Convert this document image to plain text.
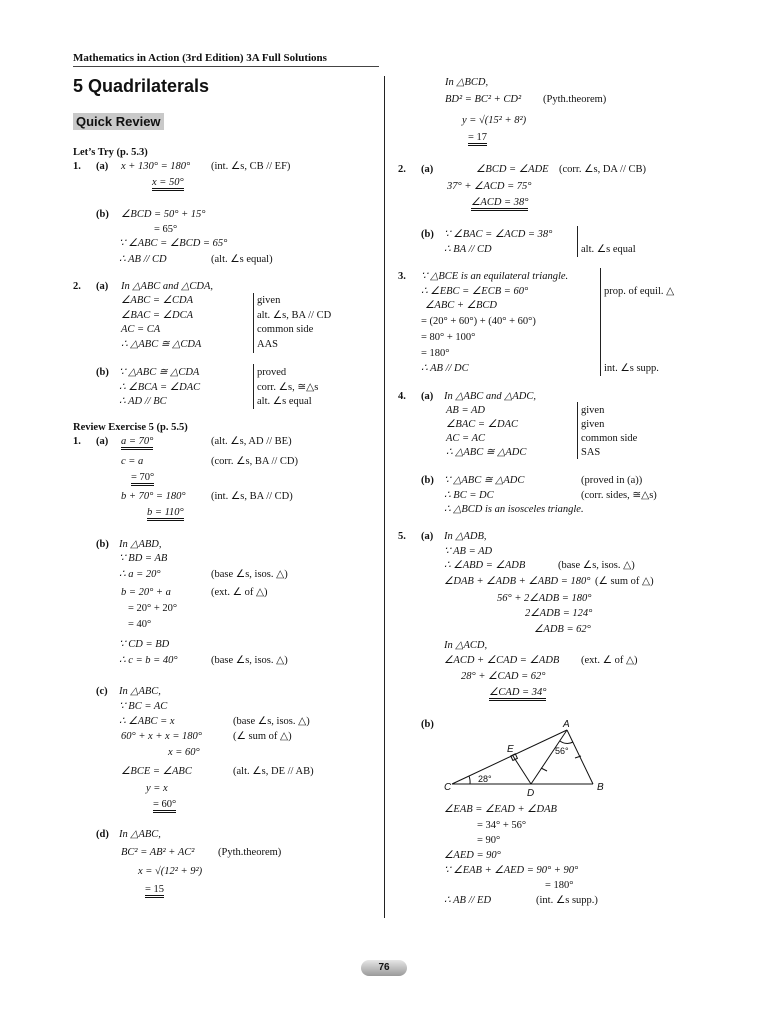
Mathematics in Action (3rd Edition) 3A Full Solutions
5 Quadrilaterals
Quick Review
Let’s Try (p. 5.3)
1. (a) x + 130° = 180° (int. ∠s, CB // EF)
x = 50°
(b) ∠BCD = 50° + 15°
= 65°
∵ ∠ABC = ∠BCD = 65°
∴ AB // CD	(alt. ∠s equal)
2. (a) In △ABC and △CDA,
∠ABC = ∠CDA	given
∠BAC = ∠DCA	alt. ∠s, BA // CD
AC = CA	common side
∴ △ABC ≅ △CDA	AAS
(b) ∵ △ABC ≅ △CDA	proved
∴ ∠BCA = ∠DAC	corr. ∠s, ≅△s
∴ AD // BC	alt. ∠s equal
Review Exercise 5 (p. 5.5)
1. (a) a = 70°	(alt. ∠s, AD // BE)
c = a	(corr. ∠s, BA // CD)
= 70°
b + 70° = 180° (int. ∠s, BA // CD)
b = 110°
(b) In △ABD,
∵ BD = AB
∴ a = 20°	(base ∠s, isos. △)
b = 20° + a	(ext. ∠ of △)
= 20° + 20°
= 40°
∵ CD = BD
∴ c = b = 40°	(base ∠s, isos. △)
(c) In △ABC,
∵ BC = AC
∴ ∠ABC = x	(base ∠s, isos. △)
60° + x + x = 180°	(∠ sum of △)
x = 60°
∠BCE = ∠ABC	(alt. ∠s, DE // AB)
y = x
= 60°
(d) In △ABC,
BC² = AB² + AC² (Pyth.theorem)
x = √(12² + 9²)
= 15
In △BCD,
BD² = BC² + CD² (Pyth.theorem)
y = √(15² + 8²)
= 17
2. (a)	∠BCD = ∠ADE (corr. ∠s, DA // CB)
37° + ∠ACD = 75°
∠ACD = 38°
(b) ∵ ∠BAC = ∠ACD = 38°
∴ BA // CD	alt. ∠s equal
3. ∵ △BCE is an equilateral triangle.
∴ ∠EBC = ∠ECB = 60°	prop. of equil. △
∠ABC + ∠BCD
= (20° + 60°) + (40° + 60°)
= 80° + 100°
= 180°
∴ AB // DC	int. ∠s supp.
4. (a) In △ABC and △ADC,
AB = AD	given
∠BAC = ∠DAC	given
AC = AC	common side
∴ △ABC ≅ △ADC	SAS
(b) ∵ △ABC ≅ △ADC	(proved in (a))
∴ BC = DC	(corr. sides, ≅△s)
∴ △BCD is an isosceles triangle.
5. (a) In △ADB,
∵ AB = AD
∴ ∠ABD = ∠ADB	(base ∠s, isos. △)
∠DAB + ∠ADB + ∠ABD = 180° (∠ sum of △)
56° + 2∠ADB = 180°
2∠ADB = 124°
∠ADB = 62°
In △ACD,
∠ACD + ∠CAD = ∠ADB (ext. ∠ of △)
28° + ∠CAD = 62°
∠CAD = 34°
(b)	A
B
C
D
E	56°
28°
∠EAB = ∠EAD + ∠DAB
= 34° + 56°
= 90°
∠AED = 90°
∵ ∠EAB + ∠AED = 90° + 90°
= 180°
∴ AB // ED	(int. ∠s supp.)
76
